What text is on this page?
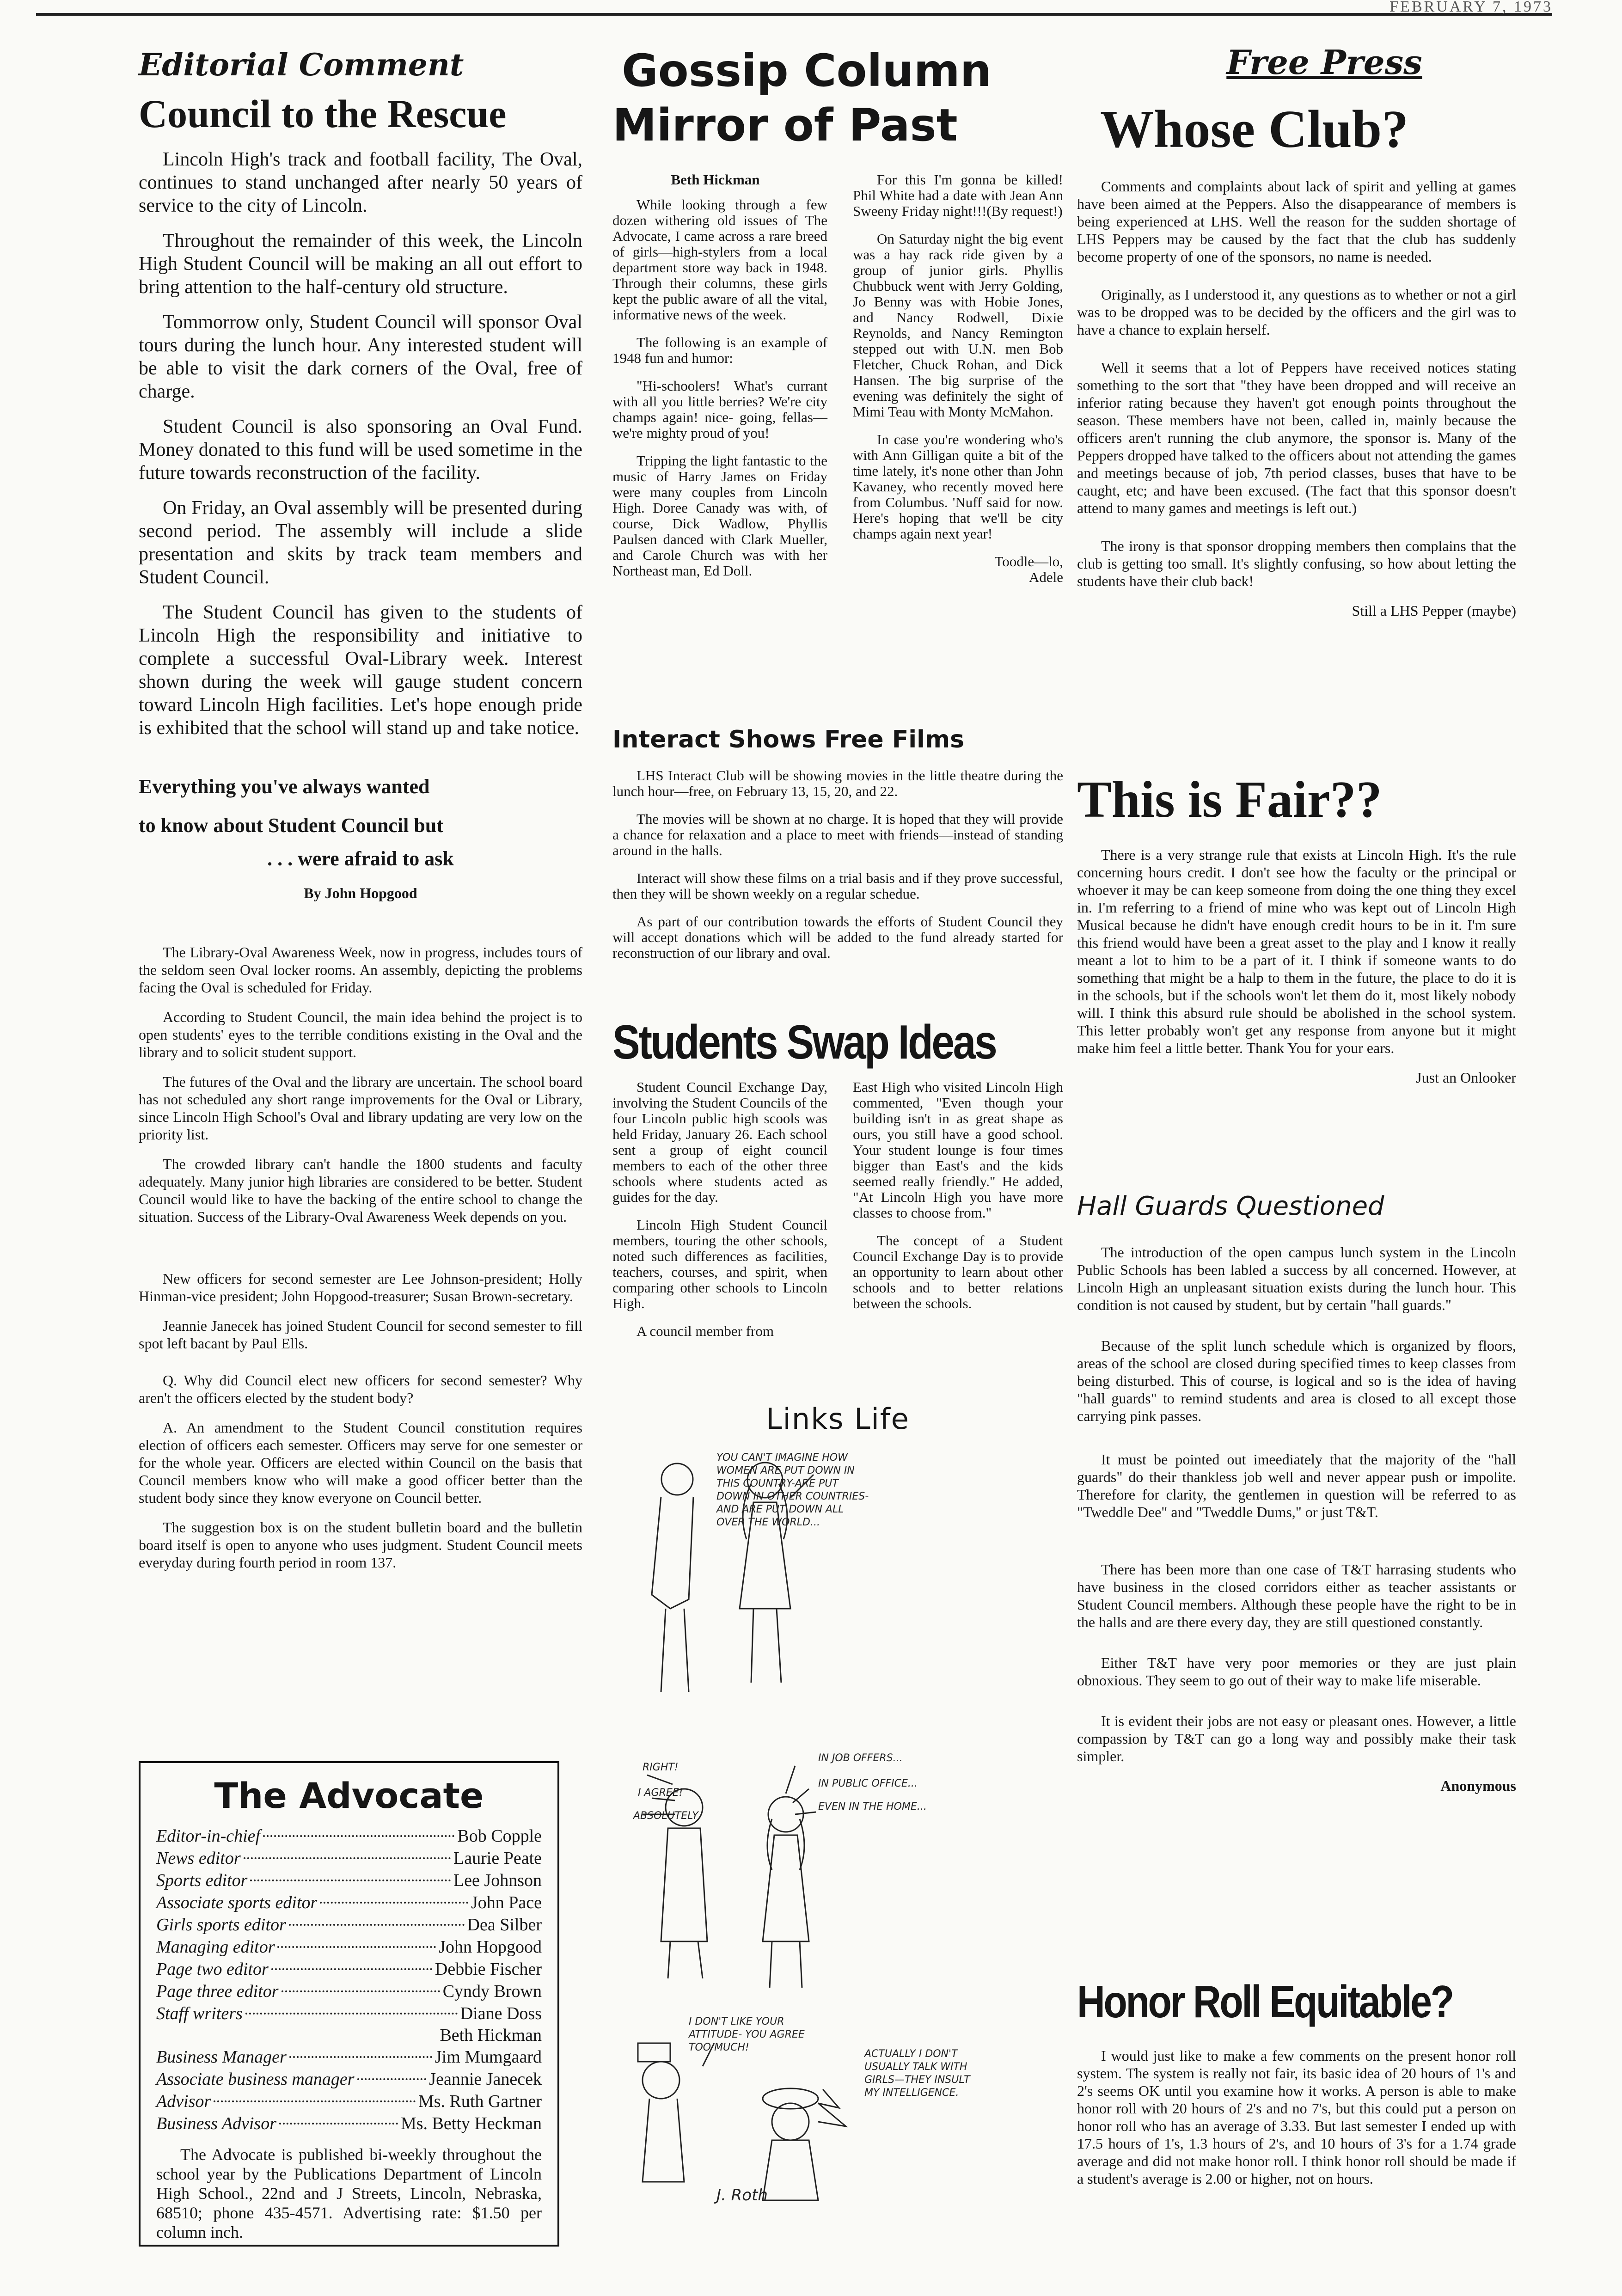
FEBRUARY 7, 1973
Editorial Comment
Council to the Rescue

Lincoln High's track and football facility, The Oval, continues to stand unchanged after nearly 50 years of service to the city of Lincoln.

Throughout the remainder of this week, the Lincoln High Student Council will be making an all out effort to bring attention to the half-century old structure.

Tommorrow only, Student Council will sponsor Oval tours during the lunch hour. Any interested student will be able to visit the dark corners of the Oval, free of charge.

Student Council is also sponsoring an Oval Fund. Money donated to this fund will be used sometime in the future towards reconstruction of the facility.

On Friday, an Oval assembly will be presented during second period. The assembly will include a slide presentation and skits by track team members and Student Council.

The Student Council has given to the students of Lincoln High the responsibility and initiative to complete a successful Oval-Library week. Interest shown during the week will gauge student concern toward Lincoln High facilities. Let's hope enough pride is exhibited that the school will stand up and take notice.

Everything you've always wanted
to know about Student Council but
. . . were afraid to ask
By John Hopgood

The Library-Oval Awareness Week, now in progress, includes tours of the seldom seen Oval locker rooms. An assembly, depicting the problems facing the Oval is scheduled for Friday.

According to Student Council, the main idea behind the project is to open students' eyes to the terrible conditions existing in the Oval and the library and to solicit student support.

The futures of the Oval and the library are uncertain. The school board has not scheduled any short range improvements for the Oval or Library, since Lincoln High School's Oval and library updating are very low on the priority list.

The crowded library can't handle the 1800 students and faculty adequately. Many junior high libraries are considered to be better. Student Council would like to have the backing of the entire school to change the situation. Success of the Library-Oval Awareness Week depends on you.

New officers for second semester are Lee Johnson-president; Holly Hinman-vice president; John Hopgood-treasurer; Susan Brown-secretary.

Jeannie Janecek has joined Student Council for second semester to fill spot left bacant by Paul Ells.

Q. Why did Council elect new officers for second semester? Why aren't the officers elected by the student body?

A. An amendment to the Student Council constitution requires election of officers each semester. Officers may serve for one semester or for the whole year. Officers are elected within Council on the basis that Council members know who will make a good officer better than the student body since they know everyone on Council better.

The suggestion box is on the student bulletin board and the bulletin board itself is open to anyone who uses judgment. Student Council meets everyday during fourth period in room 137.

The Advocate
Editor-in-chief	Bob Copple
News editor	Laurie Peate
Sports editor	Lee Johnson
Associate sports editor	John Pace
Girls sports editor	Dea Silber
Managing editor	John Hopgood
Page two editor	Debbie Fischer
Page three editor	Cyndy Brown
Staff writers	Diane Doss
Beth Hickman
Business Manager	Jim Mumgaard
Associate business manager	Jeannie Janecek
Advisor	Ms. Ruth Gartner
Business Advisor	Ms. Betty Heckman

The Advocate is published bi-weekly throughout the school year by the Publications Department of Lincoln High School., 22nd and J Streets, Lincoln, Nebraska, 68510; phone 435-4571. Advertising rate: $1.50 per column inch.

Gossip Column
Mirror of Past
Beth Hickman

While looking through a few dozen withering old issues of The Advocate, I came across a rare breed of girls—high-stylers from a local department store way back in 1948. Through their columns, these girls kept the public aware of all the vital, informative news of the week.

The following is an example of 1948 fun and humor:

"Hi-schoolers! What's currant with all you little berries? We're city champs again! nice- going, fellas—we're mighty proud of you!

Tripping the light fantastic to the music of Harry James on Friday were many couples from Lincoln High. Doree Canady was with, of course, Dick Wadlow, Phyllis Paulsen danced with Clark Mueller, and Carole Church was with her Northeast man, Ed Doll.

For this I'm gonna be killed! Phil White had a date with Jean Ann Sweeny Friday night!!!(By request!)

On Saturday night the big event was a hay rack ride given by a group of junior girls. Phyllis Chubbuck went with Jerry Golding, Jo Benny was with Hobie Jones, and Nancy Rodwell, Dixie Reynolds, and Nancy Remington stepped out with U.N. men Bob Fletcher, Chuck Rohan, and Dick Hansen. The big surprise of the evening was definitely the sight of Mimi Teau with Monty McMahon.

In case you're wondering who's with Ann Gilligan quite a bit of the time lately, it's none other than John Kavaney, who recently moved here from Columbus. 'Nuff said for now. Here's hoping that we'll be city champs again next year!

Toodle—lo,
Adele
Interact Shows Free Films

LHS Interact Club will be showing movies in the little theatre during the lunch hour—free, on February 13, 15, 20, and 22.

The movies will be shown at no charge. It is hoped that they will provide a chance for relaxation and a place to meet with friends—instead of standing around in the halls.

Interact will show these films on a trial basis and if they prove successful, then they will be shown weekly on a regular schedue.

As part of our contribution towards the efforts of Student Council they will accept donations which will be added to the fund already started for reconstruction of our library and oval.

Students Swap Ideas

Student Council Exchange Day, involving the Student Councils of the four Lincoln public high scools was held Friday, January 26. Each school sent a group of eight council members to each of the other three schools where students acted as guides for the day.

Lincoln High Student Council members, touring the other schools, noted such differences as facilities, teachers, courses, and spirit, when comparing other schools to Lincoln High.

A council member from

East High who visited Lincoln High commented, "Even though your building isn't in as great shape as ours, you still have a good school. Your student lounge is four times bigger than East's and the kids seemed really friendly." He added, "At Lincoln High you have more classes to choose from."

The concept of a Student Council Exchange Day is to provide an opportunity to learn about other schools and to better relations between the schools.

Links Life
YOU CAN'T IMAGINE HOW WOMEN ARE PUT DOWN IN THIS COUNTRY-ARE PUT DOWN IN OTHER COUNTRIES- AND ARE PUT DOWN ALL OVER THE WORLD...
RIGHT!
I AGREE!
ABSOLUTELY
IN JOB OFFERS...
IN PUBLIC OFFICE...
EVEN IN THE HOME...
I DON'T LIKE YOUR ATTITUDE- YOU AGREE TOO MUCH!
ACTUALLY I DON'T USUALLY TALK WITH GIRLS—THEY INSULT MY INTELLIGENCE.
J. Roth
Free Press
Whose Club?

Comments and complaints about lack of spirit and yelling at games have been aimed at the Peppers. Also the disappearance of members is being experienced at LHS. Well the reason for the sudden shortage of LHS Peppers may be caused by the fact that the club has suddenly become property of one of the sponsors, no name is needed.

Originally, as I understood it, any questions as to whether or not a girl was to be dropped was to be decided by the officers and the girl was to have a chance to explain herself.

Well it seems that a lot of Peppers have received notices stating something to the sort that "they have been dropped and will receive an inferior rating because they haven't got enough points throughout the season. These members have not been, called in, mainly because the officers aren't running the club anymore, the sponsor is. Many of the Peppers dropped have talked to the officers about not attending the games and meetings because of job, 7th period classes, buses that have to be caught, etc; and have been excused. (The fact that this sponsor doesn't attend to many games and meetings is left out.)

The irony is that sponsor dropping members then complains that the club is getting too small. It's slightly confusing, so how about letting the students have their club back!

Still a LHS Pepper (maybe)
This is Fair??

There is a very strange rule that exists at Lincoln High. It's the rule concerning hours credit. I don't see how the faculty or the principal or whoever it may be can keep someone from doing the one thing they excel in. I'm referring to a friend of mine who was kept out of Lincoln High Musical because he didn't have enough credit hours to be in it. I'm sure this friend would have been a great asset to the play and I know it really meant a lot to him to be a part of it. I think if someone wants to do something that might be a halp to them in the future, the place to do it is in the schools, but if the schools won't let them do it, most likely nobody will. I think this absurd rule should be abolished in the school system. This letter probably won't get any response from anyone but it might make him feel a little better. Thank You for your ears.

Just an Onlooker
Hall Guards Questioned

The introduction of the open campus lunch system in the Lincoln Public Schools has been labled a success by all concerned. However, at Lincoln High an unpleasant situation exists during the lunch hour. This condition is not caused by student, but by certain "hall guards."

Because of the split lunch schedule which is organized by floors, areas of the school are closed during specified times to keep classes from being disturbed. This of course, is logical and so is the idea of having "hall guards" to remind students and area is closed to all except those carrying pink passes.

It must be pointed out imeediately that the majority of the "hall guards" do their thankless job well and never appear push or impolite. Therefore for clarity, the gentlemen in question will be referred to as "Tweddle Dee" and "Tweddle Dums," or just T&T.

There has been more than one case of T&T harrasing students who have business in the closed corridors either as teacher assistants or Student Council members. Although these people have the right to be in the halls and are there every day, they are still questioned constantly.

Either T&T have very poor memories or they are just plain obnoxious. They seem to go out of their way to make life miserable.

It is evident their jobs are not easy or pleasant ones. However, a little compassion by T&T can go a long way and possibly make their task simpler.

Anonymous
Honor Roll Equitable?

I would just like to make a few comments on the present honor roll system. The system is really not fair, its basic idea of 20 hours of 1's and 2's seems OK until you examine how it works. A person is able to make honor roll with 20 hours of 2's and no 7's, but this could put a person on honor roll who has an average of 3.33. But last semester I ended up with 17.5 hours of 1's, 1.3 hours of 2's, and 10 hours of 3's for a 1.74 grade average and did not make honor roll. I think honor roll should be made if a student's average is 2.00 or higher, not on hours.
